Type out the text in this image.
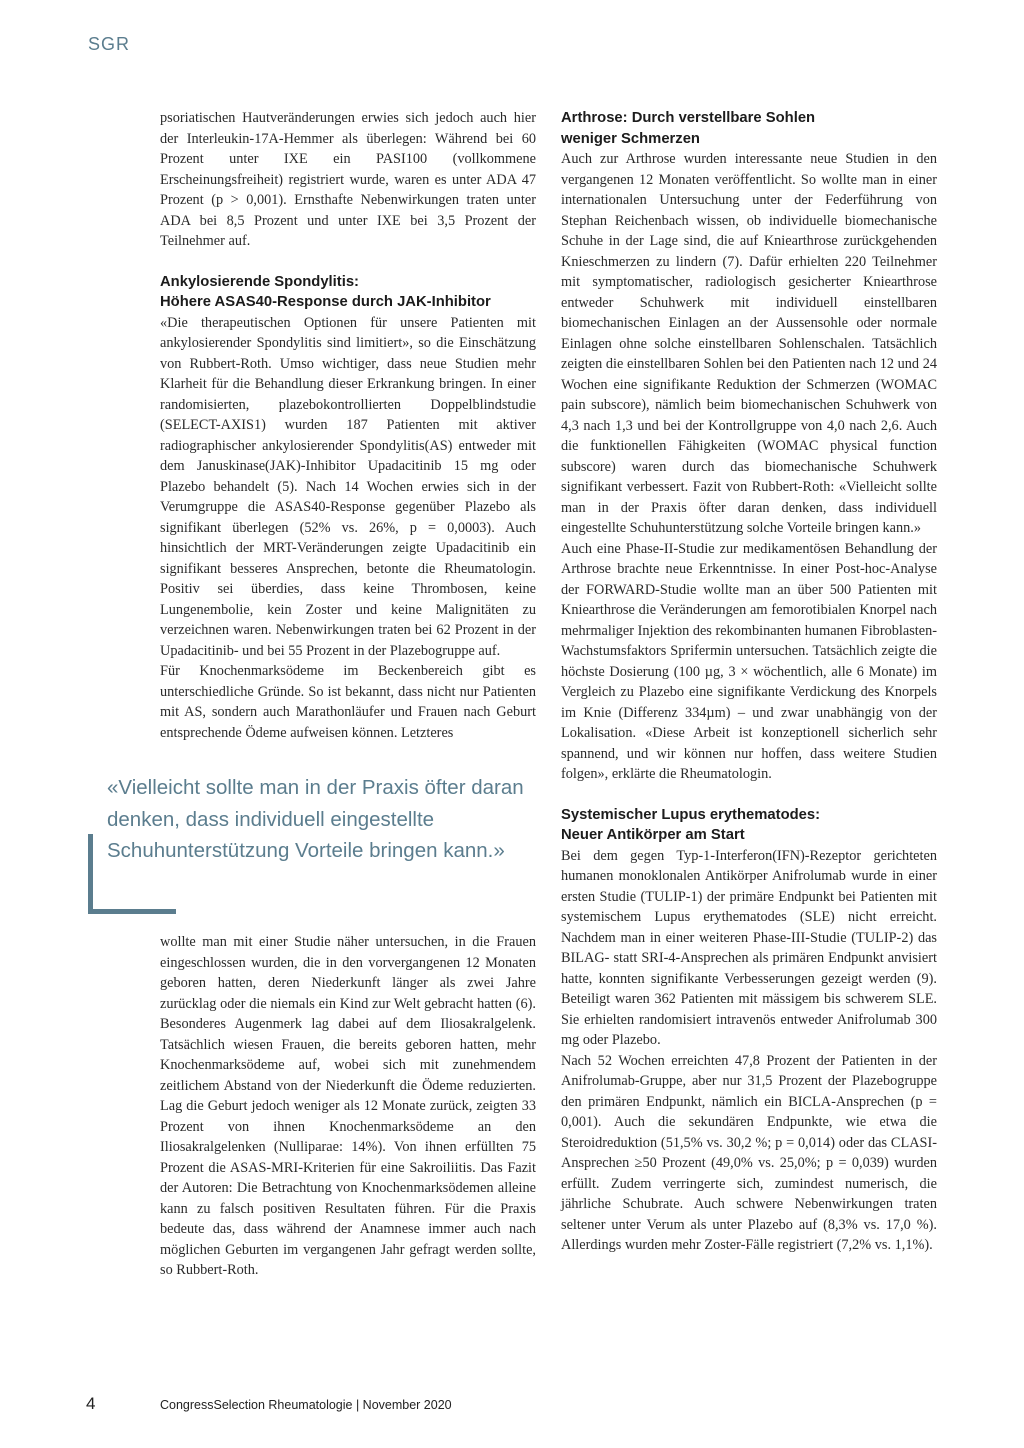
SGR

psoriatischen Hautveränderungen erwies sich jedoch auch hier der Interleukin-17A-Hemmer als überlegen: Während bei 60 Prozent unter IXE ein PASI100 (vollkommene Erscheinungsfreiheit) registriert wurde, waren es unter ADA 47 Prozent (p > 0,001). Ernsthafte Nebenwirkungen traten unter ADA bei 8,5 Prozent und unter IXE bei 3,5 Prozent der Teilnehmer auf.

Ankylosierende Spondylitis:
Höhere ASAS40-Response durch JAK-Inhibitor

«Die therapeutischen Optionen für unsere Patienten mit ankylosierender Spondylitis sind limitiert», so die Einschätzung von Rubbert-Roth. Umso wichtiger, dass neue Studien mehr Klarheit für die Behandlung dieser Erkrankung bringen. In einer randomisierten, plazebokontrollierten Doppelblindstudie (SELECT-AXIS1) wurden 187 Patienten mit aktiver radiographischer ankylosierender Spondylitis(AS) entweder mit dem Januskinase(JAK)-Inhibitor Upadacitinib 15 mg oder Plazebo behandelt (5). Nach 14 Wochen erwies sich in der Verumgruppe die ASAS40-Response gegenüber Plazebo als signifikant überlegen (52% vs. 26%, p = 0,0003). Auch hinsichtlich der MRT-Veränderungen zeigte Upadacitinib ein signifikant besseres Ansprechen, betonte die Rheumatologin. Positiv sei überdies, dass keine Thrombosen, keine Lungenembolie, kein Zoster und keine Malignitäten zu verzeichnen waren. Nebenwirkungen traten bei 62 Prozent in der Upadacitinib- und bei 55 Prozent in der Plazebogruppe auf.

Für Knochenmarksödeme im Beckenbereich gibt es unterschiedliche Gründe. So ist bekannt, dass nicht nur Patienten mit AS, sondern auch Marathonläufer und Frauen nach Geburt entsprechende Ödeme aufweisen können. Letzteres

«Vielleicht sollte man in der Praxis öfter daran denken, dass individuell eingestellte Schuhunterstützung Vorteile bringen kann.»

wollte man mit einer Studie näher untersuchen, in die Frauen eingeschlossen wurden, die in den vorvergangenen 12 Monaten geboren hatten, deren Niederkunft länger als zwei Jahre zurücklag oder die niemals ein Kind zur Welt gebracht hatten (6). Besonderes Augenmerk lag dabei auf dem Iliosakralgelenk. Tatsächlich wiesen Frauen, die bereits geboren hatten, mehr Knochenmarksödeme auf, wobei sich mit zunehmendem zeitlichem Abstand von der Niederkunft die Ödeme reduzierten. Lag die Geburt jedoch weniger als 12 Monate zurück, zeigten 33 Prozent von ihnen Knochenmarksödeme an den Iliosakralgelenken (Nulliparae: 14%). Von ihnen erfüllten 75 Prozent die ASAS-MRI-Kriterien für eine Sakroiliitis. Das Fazit der Autoren: Die Betrachtung von Knochenmarksödemen alleine kann zu falsch positiven Resultaten führen. Für die Praxis bedeute das, dass während der Anamnese immer auch nach möglichen Geburten im vergangenen Jahr gefragt werden sollte, so Rubbert-Roth.

Arthrose: Durch verstellbare Sohlen
weniger Schmerzen

Auch zur Arthrose wurden interessante neue Studien in den vergangenen 12 Monaten veröffentlicht. So wollte man in einer internationalen Untersuchung unter der Federführung von Stephan Reichenbach wissen, ob individuelle biomechanische Schuhe in der Lage sind, die auf Kniearthrose zurückgehenden Knieschmerzen zu lindern (7). Dafür erhielten 220 Teilnehmer mit symptomatischer, radiologisch gesicherter Kniearthrose entweder Schuhwerk mit individuell einstellbaren biomechanischen Einlagen an der Aussensohle oder normale Einlagen ohne solche einstellbaren Sohlenschalen. Tatsächlich zeigten die einstellbaren Sohlen bei den Patienten nach 12 und 24 Wochen eine signifikante Reduktion der Schmerzen (WOMAC pain subscore), nämlich beim biomechanischen Schuhwerk von 4,3 nach 1,3 und bei der Kontrollgruppe von 4,0 nach 2,6. Auch die funktionellen Fähigkeiten (WOMAC physical function subscore) waren durch das biomechanische Schuhwerk signifikant verbessert. Fazit von Rubbert-Roth: «Vielleicht sollte man in der Praxis öfter daran denken, dass individuell eingestellte Schuhunterstützung solche Vorteile bringen kann.»

Auch eine Phase-II-Studie zur medikamentösen Behandlung der Arthrose brachte neue Erkenntnisse. In einer Post-hoc-Analyse der FORWARD-Studie wollte man an über 500 Patienten mit Kniearthrose die Veränderungen am femorotibialen Knorpel nach mehrmaliger Injektion des rekombinanten humanen Fibroblasten-Wachstumsfaktors Sprifermin untersuchen. Tatsächlich zeigte die höchste Dosierung (100 µg, 3 × wöchentlich, alle 6 Monate) im Vergleich zu Plazebo eine signifikante Verdickung des Knorpels im Knie (Differenz 334µm) – und zwar unabhängig von der Lokalisation. «Diese Arbeit ist konzeptionell sicherlich sehr spannend, und wir können nur hoffen, dass weitere Studien folgen», erklärte die Rheumatologin.

Systemischer Lupus erythematodes:
Neuer Antikörper am Start

Bei dem gegen Typ-1-Interferon(IFN)-Rezeptor gerichteten humanen monoklonalen Antikörper Anifrolumab wurde in einer ersten Studie (TULIP-1) der primäre Endpunkt bei Patienten mit systemischem Lupus erythematodes (SLE) nicht erreicht. Nachdem man in einer weiteren Phase-III-Studie (TULIP-2) das BILAG- statt SRI-4-Ansprechen als primären Endpunkt anvisiert hatte, konnten signifikante Verbesserungen gezeigt werden (9). Beteiligt waren 362 Patienten mit mässigem bis schwerem SLE. Sie erhielten randomisiert intravenös entweder Anifrolumab 300 mg oder Plazebo.

Nach 52 Wochen erreichten 47,8 Prozent der Patienten in der Anifrolumab-Gruppe, aber nur 31,5 Prozent der Plazebogruppe den primären Endpunkt, nämlich ein BICLA-Ansprechen (p = 0,001). Auch die sekundären Endpunkte, wie etwa die Steroidreduktion (51,5% vs. 30,2 %; p = 0,014) oder das CLASI-Ansprechen ≥50 Prozent (49,0% vs. 25,0%; p = 0,039) wurden erfüllt. Zudem verringerte sich, zumindest numerisch, die jährliche Schubrate. Auch schwere Nebenwirkungen traten seltener unter Verum als unter Plazebo auf (8,3% vs. 17,0 %). Allerdings wurden mehr Zoster-Fälle registriert (7,2% vs. 1,1%).

4	CongressSelection Rheumatologie | November 2020
